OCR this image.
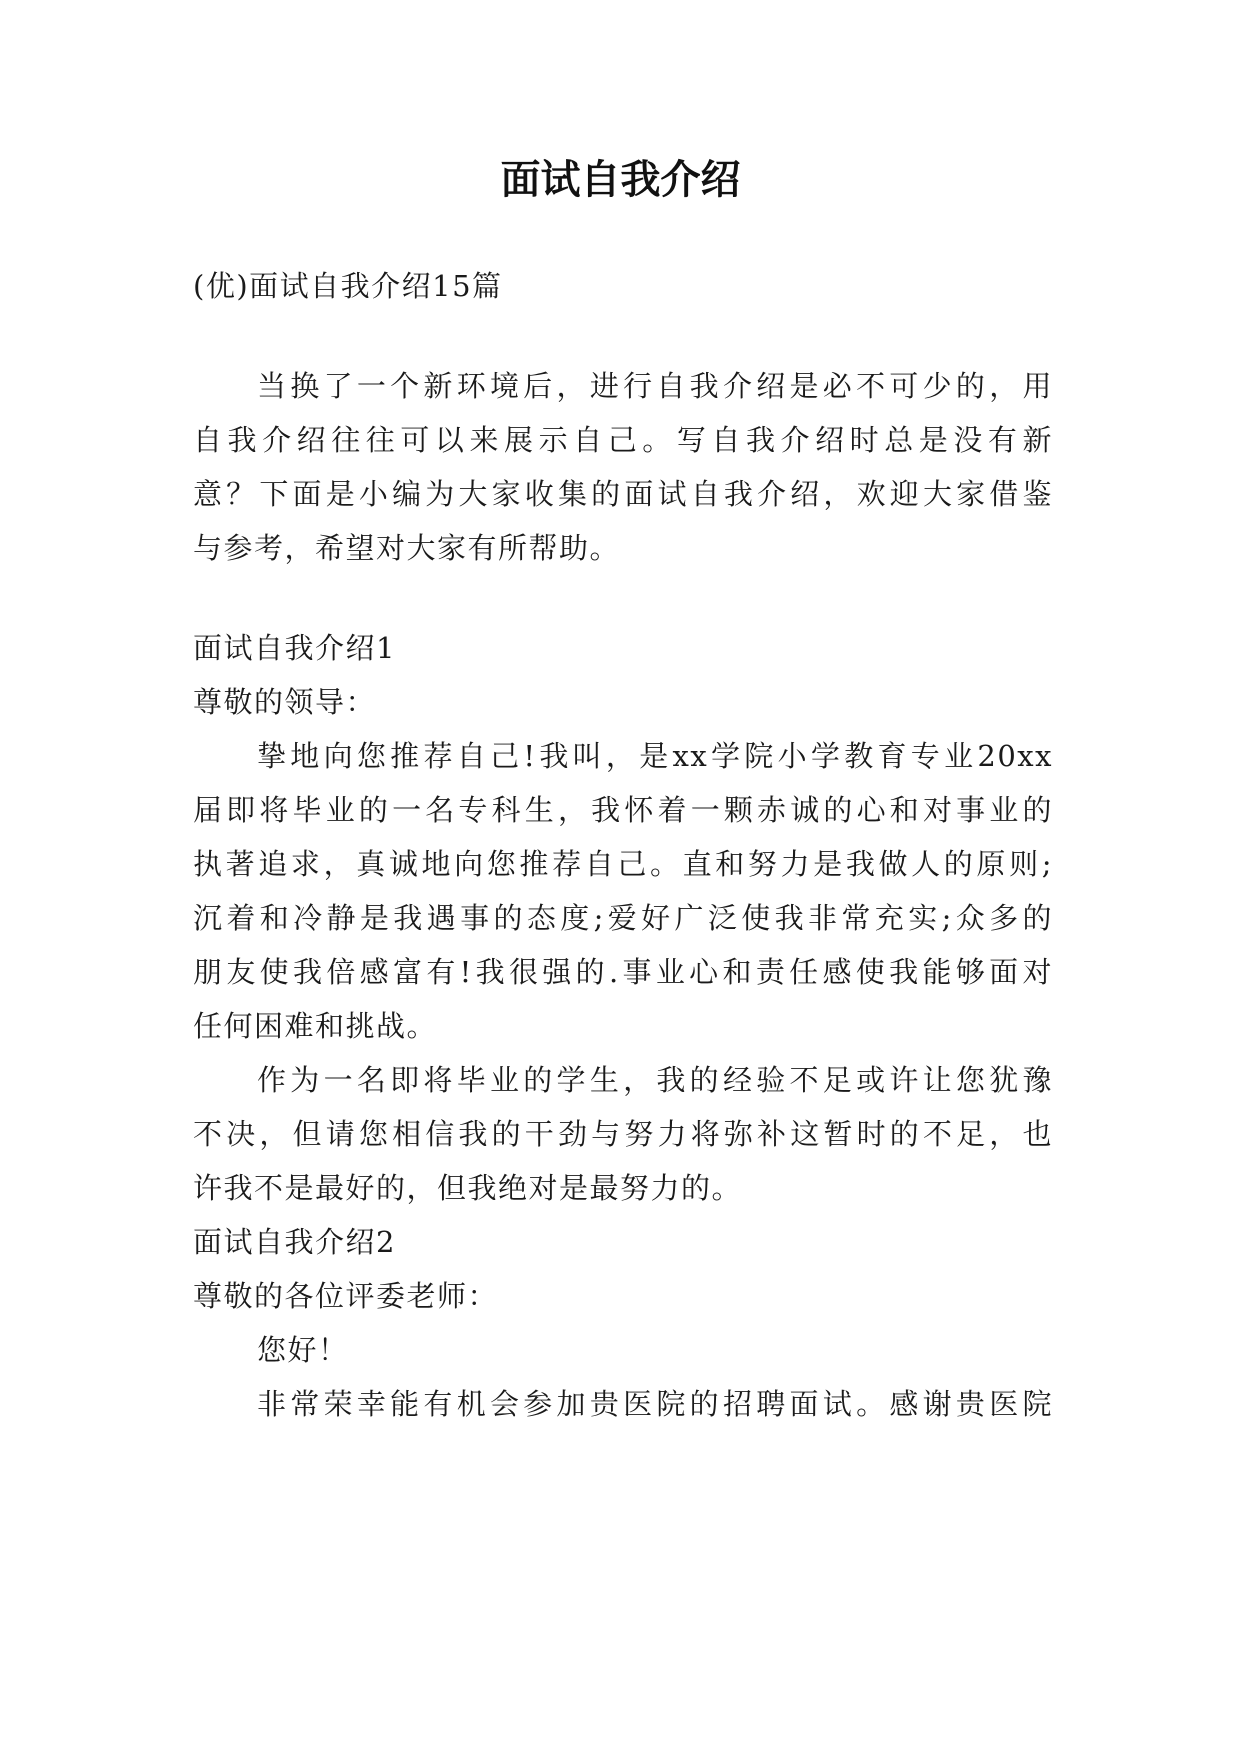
面试自我介绍

(优)面试自我介绍15篇

当换了一个新环境后，进行自我介绍是必不可少的，用

自我介绍往往可以来展示自己。写自我介绍时总是没有新

意？下面是小编为大家收集的面试自我介绍，欢迎大家借鉴

与参考，希望对大家有所帮助。

面试自我介绍1

尊敬的领导：

挚地向您推荐自己!我叫，是xx学院小学教育专业20xx

届即将毕业的一名专科生，我怀着一颗赤诚的心和对事业的

执著追求，真诚地向您推荐自己。直和努力是我做人的原则;

沉着和冷静是我遇事的态度;爱好广泛使我非常充实;众多的

朋友使我倍感富有!我很强的.事业心和责任感使我能够面对

任何困难和挑战。

作为一名即将毕业的学生，我的经验不足或许让您犹豫

不决，但请您相信我的干劲与努力将弥补这暂时的不足，也

许我不是最好的，但我绝对是最努力的。

面试自我介绍2

尊敬的各位评委老师：

您好！

非常荣幸能有机会参加贵医院的招聘面试。感谢贵医院
